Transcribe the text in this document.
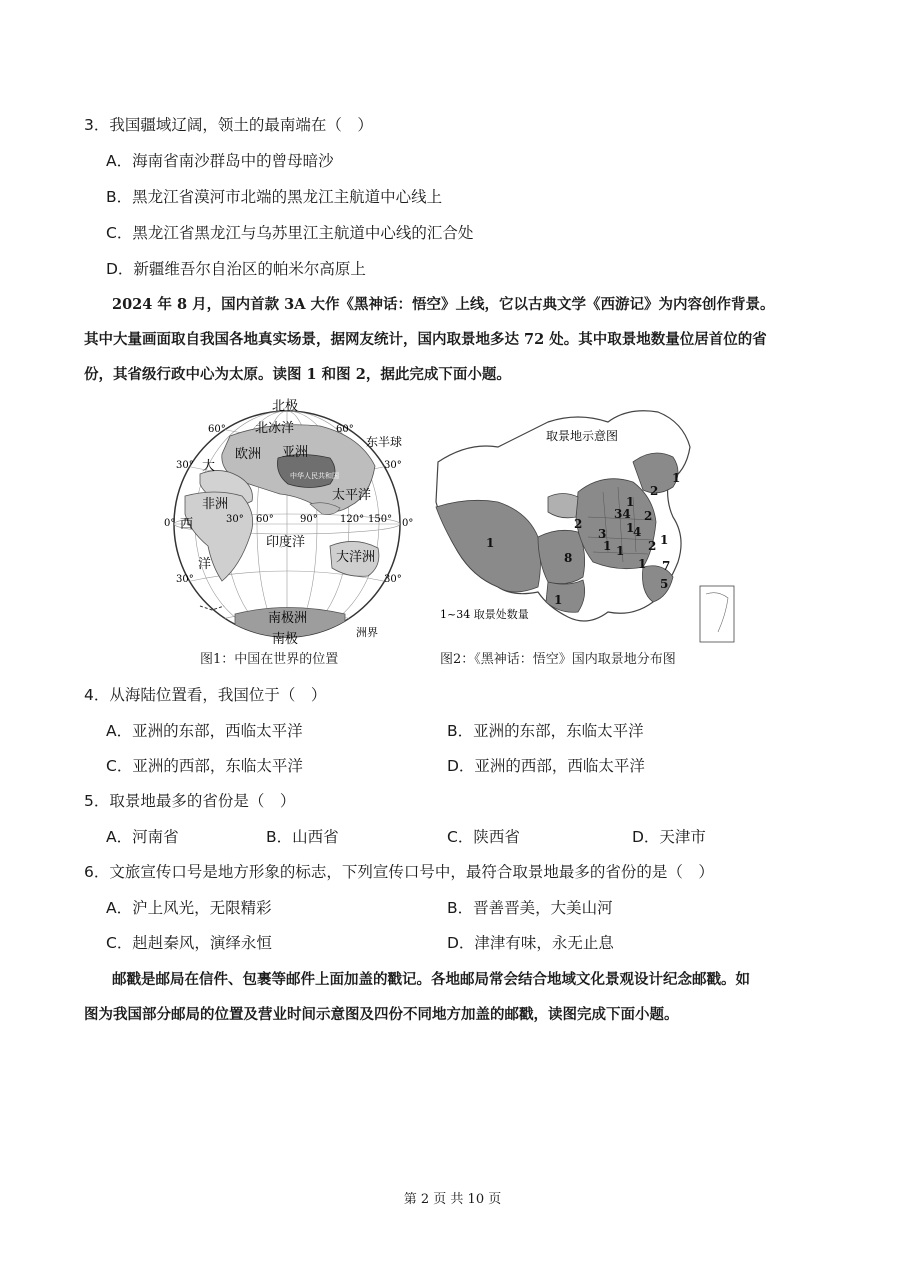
3．我国疆域辽阔，领土的最南端在（　）
A．海南省南沙群岛中的曾母暗沙
B．黑龙江省漠河市北端的黑龙江主航道中心线上
C．黑龙江省黑龙江与乌苏里江主航道中心线的汇合处
D．新疆维吾尔自治区的帕米尔高原上
2024 年 8 月，国内首款 3A 大作《黑神话：悟空》上线，它以古典文学《西游记》为内容创作背景。
其中大量画面取自我国各地真实场景，据网友统计，国内取景地多达 72 处。其中取景地数量位居首位的省
份，其省级行政中心为太原。读图 1 和图 2，据此完成下面小题。
北极
南极
北冰洋
欧洲 亚洲
中华人民共和国
非洲
印度洋
太平洋
大洋洲
南极洲
东半球
大
西
洋
洲界
60°	60°
30°	30°
0°	0°
30°	30°
30° 60°	90° 120° 150°
取景地示意图
1~34 取景处数量
1
2
34
4
2
1
2
3 1
1 2 1
1
8
1
1
7
5
1
图1：中国在世界的位置	图2：《黑神话：悟空》国内取景地分布图
4．从海陆位置看，我国位于（　）
A．亚洲的东部，西临太平洋	B．亚洲的东部，东临太平洋
C．亚洲的西部，东临太平洋	D．亚洲的西部，西临太平洋
5．取景地最多的省份是（　）
A．河南省	B．山西省	C．陕西省	D．天津市
6．文旅宣传口号是地方形象的标志，下列宣传口号中，最符合取景地最多的省份的是（　）
A．沪上风光，无限精彩	B．晋善晋美，大美山河
C．赳赳秦风，演绎永恒	D．津津有味，永无止息
邮戳是邮局在信件、包裹等邮件上面加盖的戳记。各地邮局常会结合地域文化景观设计纪念邮戳。如
图为我国部分邮局的位置及营业时间示意图及四份不同地方加盖的邮戳，读图完成下面小题。
第 2 页 共 10 页
